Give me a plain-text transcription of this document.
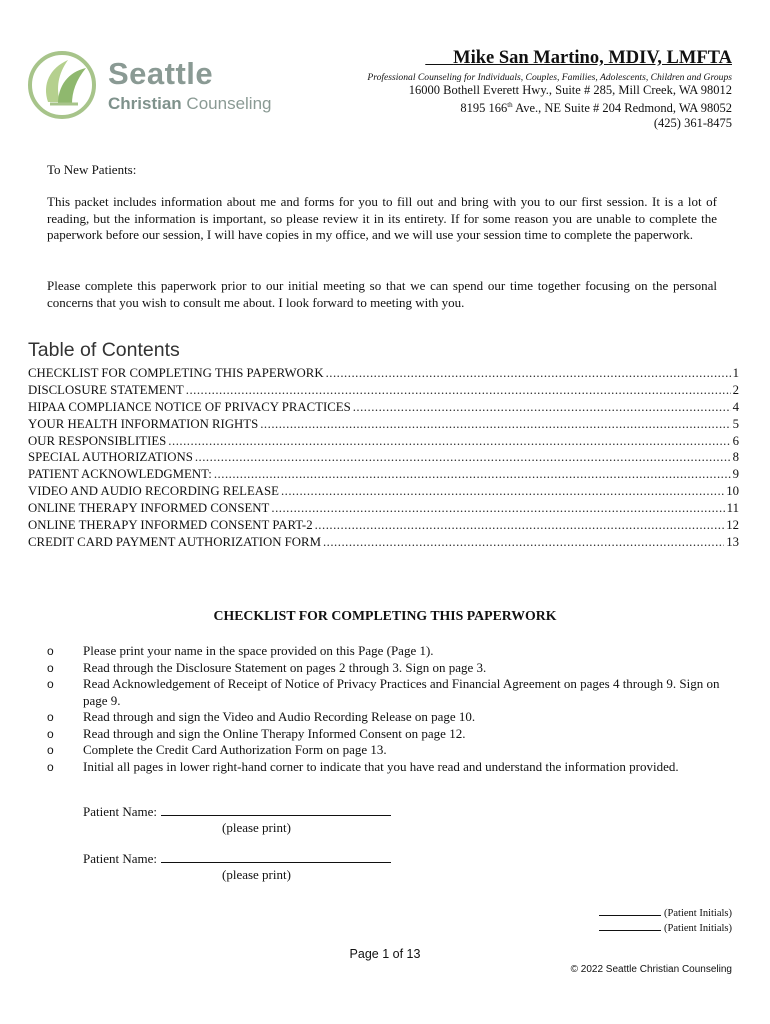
Seattle
Christian Counseling
Mike San Martino, MDIV, LMFTA
Professional Counseling for Individuals, Couples, Families, Adolescents, Children and Groups
16000 Bothell Everett Hwy., Suite # 285, Mill Creek, WA 98012
8195 166th Ave., NE Suite # 204 Redmond, WA 98052
(425) 361-8475
To New Patients:
This packet includes information about me and forms for you to fill out and bring with you to our first session. It is a lot of reading, but the information is important, so please review it in its entirety. If for some reason you are unable to complete the paperwork before our session, I will have copies in my office, and we will use your session time to complete the paperwork.
Please complete this paperwork prior to our initial meeting so that we can spend our time together focusing on the personal concerns that you wish to consult me about. I look forward to meeting with you.
Table of Contents
CHECKLIST FOR COMPLETING THIS PAPERWORK .....	1
DISCLOSURE STATEMENT .....	2
HIPAA COMPLIANCE NOTICE OF PRIVACY PRACTICES .....	4
YOUR HEALTH INFORMATION RIGHTS .....	5
OUR RESPONSIBLITIES .....	6
SPECIAL AUTHORIZATIONS .....	8
PATIENT ACKNOWLEDGMENT: .....	9
VIDEO AND AUDIO RECORDING RELEASE .....	10
ONLINE THERAPY INFORMED CONSENT .....	11
ONLINE THERAPY INFORMED CONSENT PART-2 .....	12
CREDIT CARD PAYMENT AUTHORIZATION FORM .....	13
CHECKLIST FOR COMPLETING THIS PAPERWORK
o	Please print your name in the space provided on this Page (Page 1).
o	Read through the Disclosure Statement on pages 2 through 3. Sign on page 3.
o	Read Acknowledgement of Receipt of Notice of Privacy Practices and Financial Agreement on pages 4 through 9. Sign on page 9.
o	Read through and sign the Video and Audio Recording Release on page 10.
o	Read through and sign the Online Therapy Informed Consent on page 12.
o	Complete the Credit Card Authorization Form on page 13.
o	Initial all pages in lower right-hand corner to indicate that you have read and understand the information provided.
Patient Name:
(please print)
Patient Name:
(please print)
(Patient Initials)
(Patient Initials)
Page 1 of 13
© 2022 Seattle Christian Counseling
